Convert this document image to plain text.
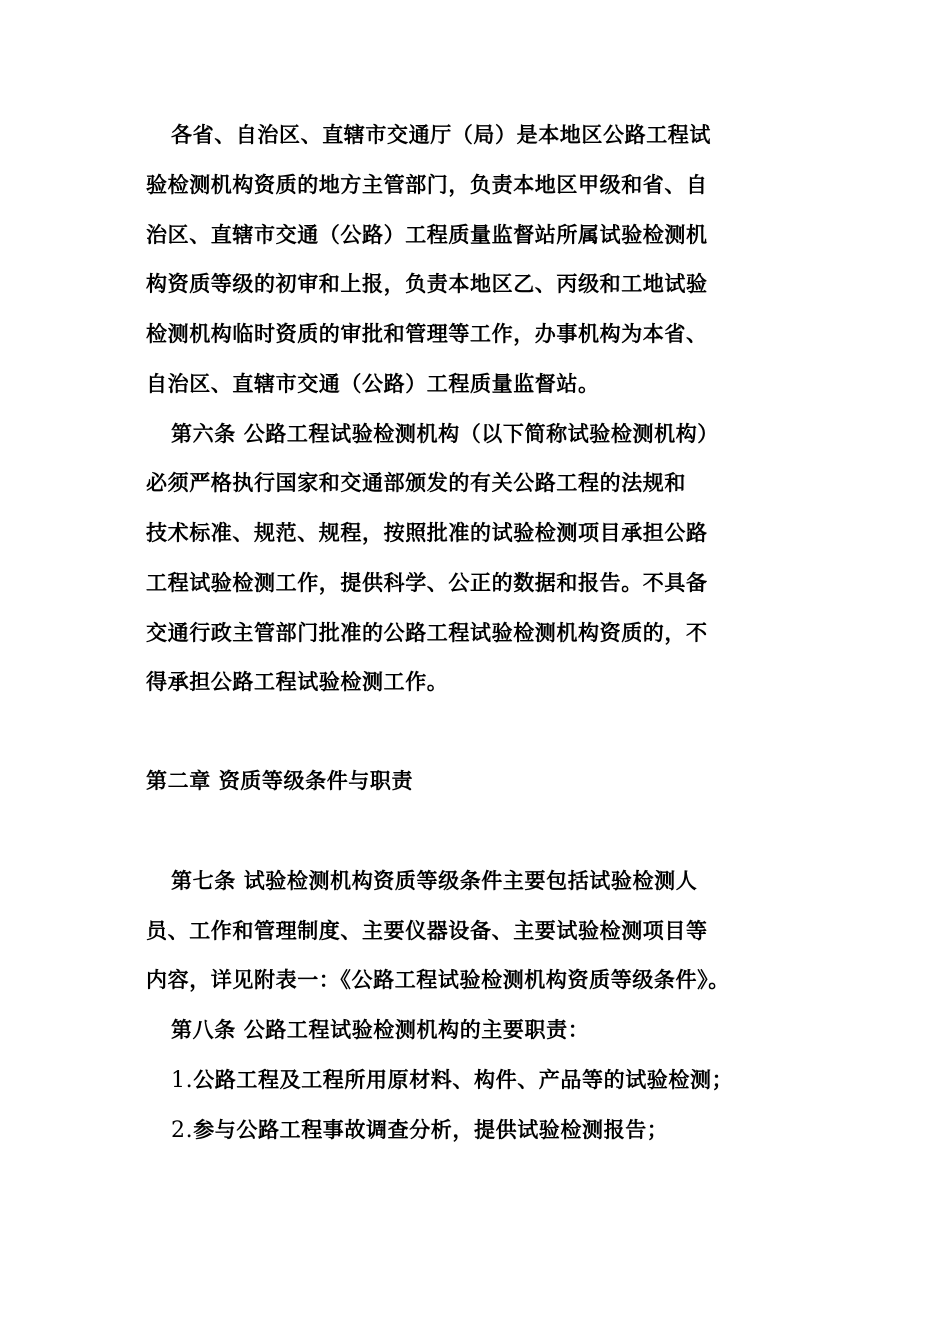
各省、自治区、直辖市交通厅（局）是本地区公路工程试
验检测机构资质的地方主管部门，负责本地区甲级和省、自
治区、直辖市交通（公路）工程质量监督站所属试验检测机
构资质等级的初审和上报，负责本地区乙、丙级和工地试验
检测机构临时资质的审批和管理等工作，办事机构为本省、
自治区、直辖市交通（公路）工程质量监督站。
第六条 公路工程试验检测机构（以下简称试验检测机构）
必须严格执行国家和交通部颁发的有关公路工程的法规和
技术标准、规范、规程，按照批准的试验检测项目承担公路
工程试验检测工作，提供科学、公正的数据和报告。不具备
交通行政主管部门批准的公路工程试验检测机构资质的，不
得承担公路工程试验检测工作。
第二章 资质等级条件与职责
第七条 试验检测机构资质等级条件主要包括试验检测人
员、工作和管理制度、主要仪器设备、主要试验检测项目等
内容，详见附表一：《公路工程试验检测机构资质等级条件》。
第八条 公路工程试验检测机构的主要职责：
1.公路工程及工程所用原材料、构件、产品等的试验检测；
2.参与公路工程事故调查分析，提供试验检测报告；
